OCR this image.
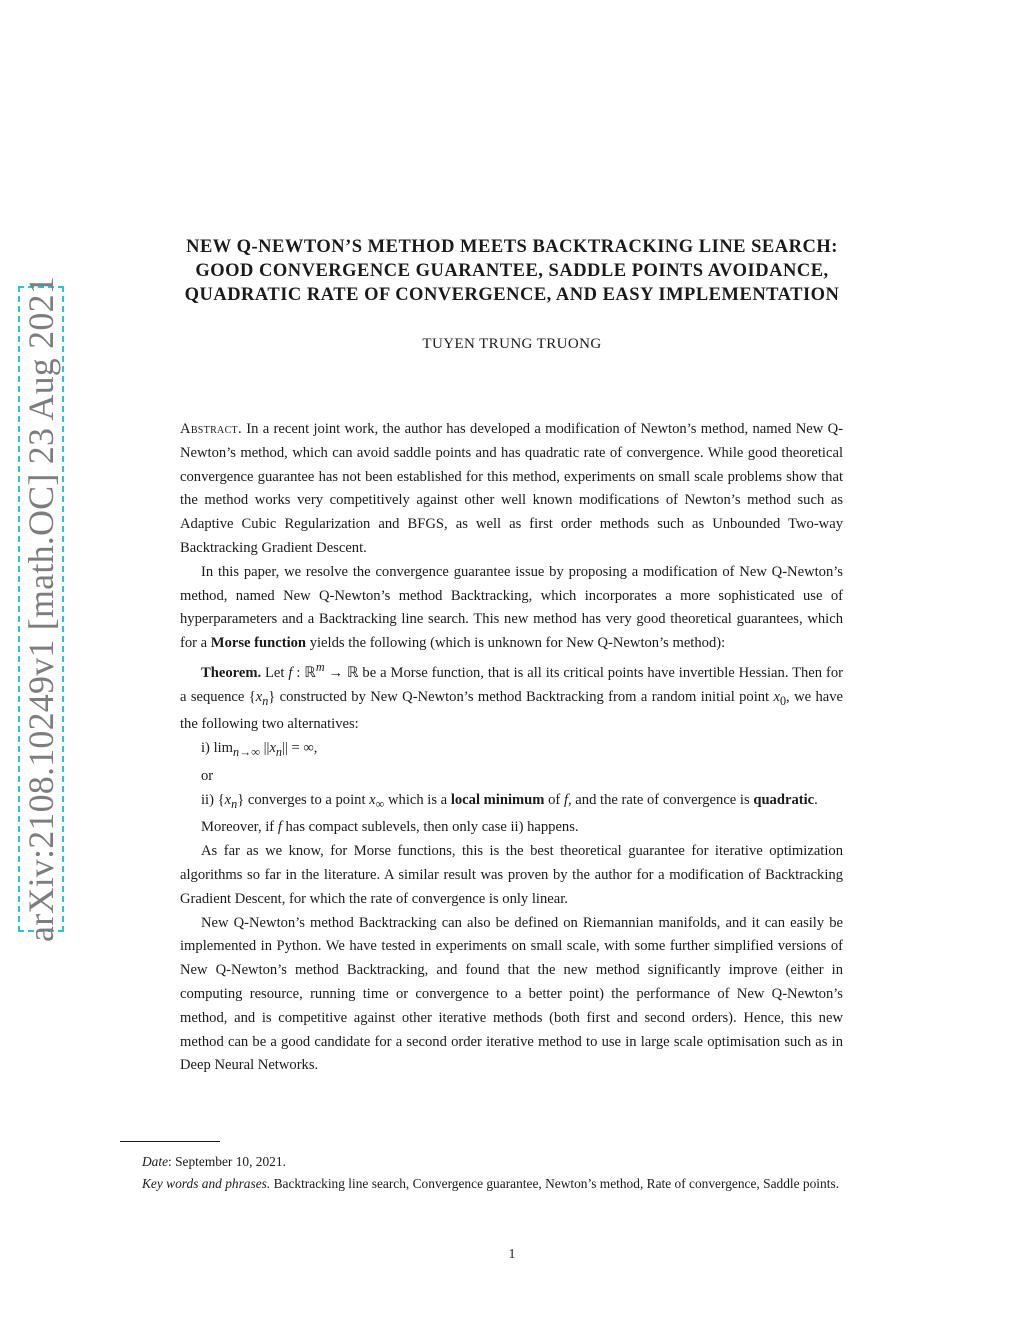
arXiv:2108.10249v1 [math.OC] 23 Aug 2021
NEW Q-NEWTON’S METHOD MEETS BACKTRACKING LINE SEARCH:
GOOD CONVERGENCE GUARANTEE, SADDLE POINTS AVOIDANCE,
QUADRATIC RATE OF CONVERGENCE, AND EASY IMPLEMENTATION
TUYEN TRUNG TRUONG

Abstract. In a recent joint work, the author has developed a modification of Newton’s method, named New Q-Newton’s method, which can avoid saddle points and has quadratic rate of convergence. While good theoretical convergence guarantee has not been established for this method, experiments on small scale problems show that the method works very competitively against other well known modifications of Newton’s method such as Adaptive Cubic Regularization and BFGS, as well as first order methods such as Unbounded Two-way Backtracking Gradient Descent.

In this paper, we resolve the convergence guarantee issue by proposing a modification of New Q-Newton’s method, named New Q-Newton’s method Backtracking, which incorporates a more sophisticated use of hyperparameters and a Backtracking line search. This new method has very good theoretical guarantees, which for a Morse function yields the following (which is unknown for New Q-Newton’s method):

Theorem. Let f : ℝ$^m$ → ℝ be a Morse function, that is all its critical points have invertible Hessian. Then for a sequence $\{x_n\}$ constructed by New Q-Newton’s method Backtracking from a random initial point $x_0$, we have the following two alternatives:

i) $\lim_{n\to\infty} ||x_n||$ = ∞,

or

ii) $\{x_n\}$ converges to a point $x_\infty$ which is a local minimum of f, and the rate of convergence is quadratic.

Moreover, if f has compact sublevels, then only case ii) happens.

As far as we know, for Morse functions, this is the best theoretical guarantee for iterative optimization algorithms so far in the literature. A similar result was proven by the author for a modification of Backtracking Gradient Descent, for which the rate of convergence is only linear.

New Q-Newton’s method Backtracking can also be defined on Riemannian manifolds, and it can easily be implemented in Python. We have tested in experiments on small scale, with some further simplified versions of New Q-Newton’s method Backtracking, and found that the new method significantly improve (either in computing resource, running time or convergence to a better point) the performance of New Q-Newton’s method, and is competitive against other iterative methods (both first and second orders). Hence, this new method can be a good candidate for a second order iterative method to use in large scale optimisation such as in Deep Neural Networks.

Date: September 10, 2021.

Key words and phrases. Backtracking line search, Convergence guarantee, Newton’s method, Rate of convergence, Saddle points.

1
